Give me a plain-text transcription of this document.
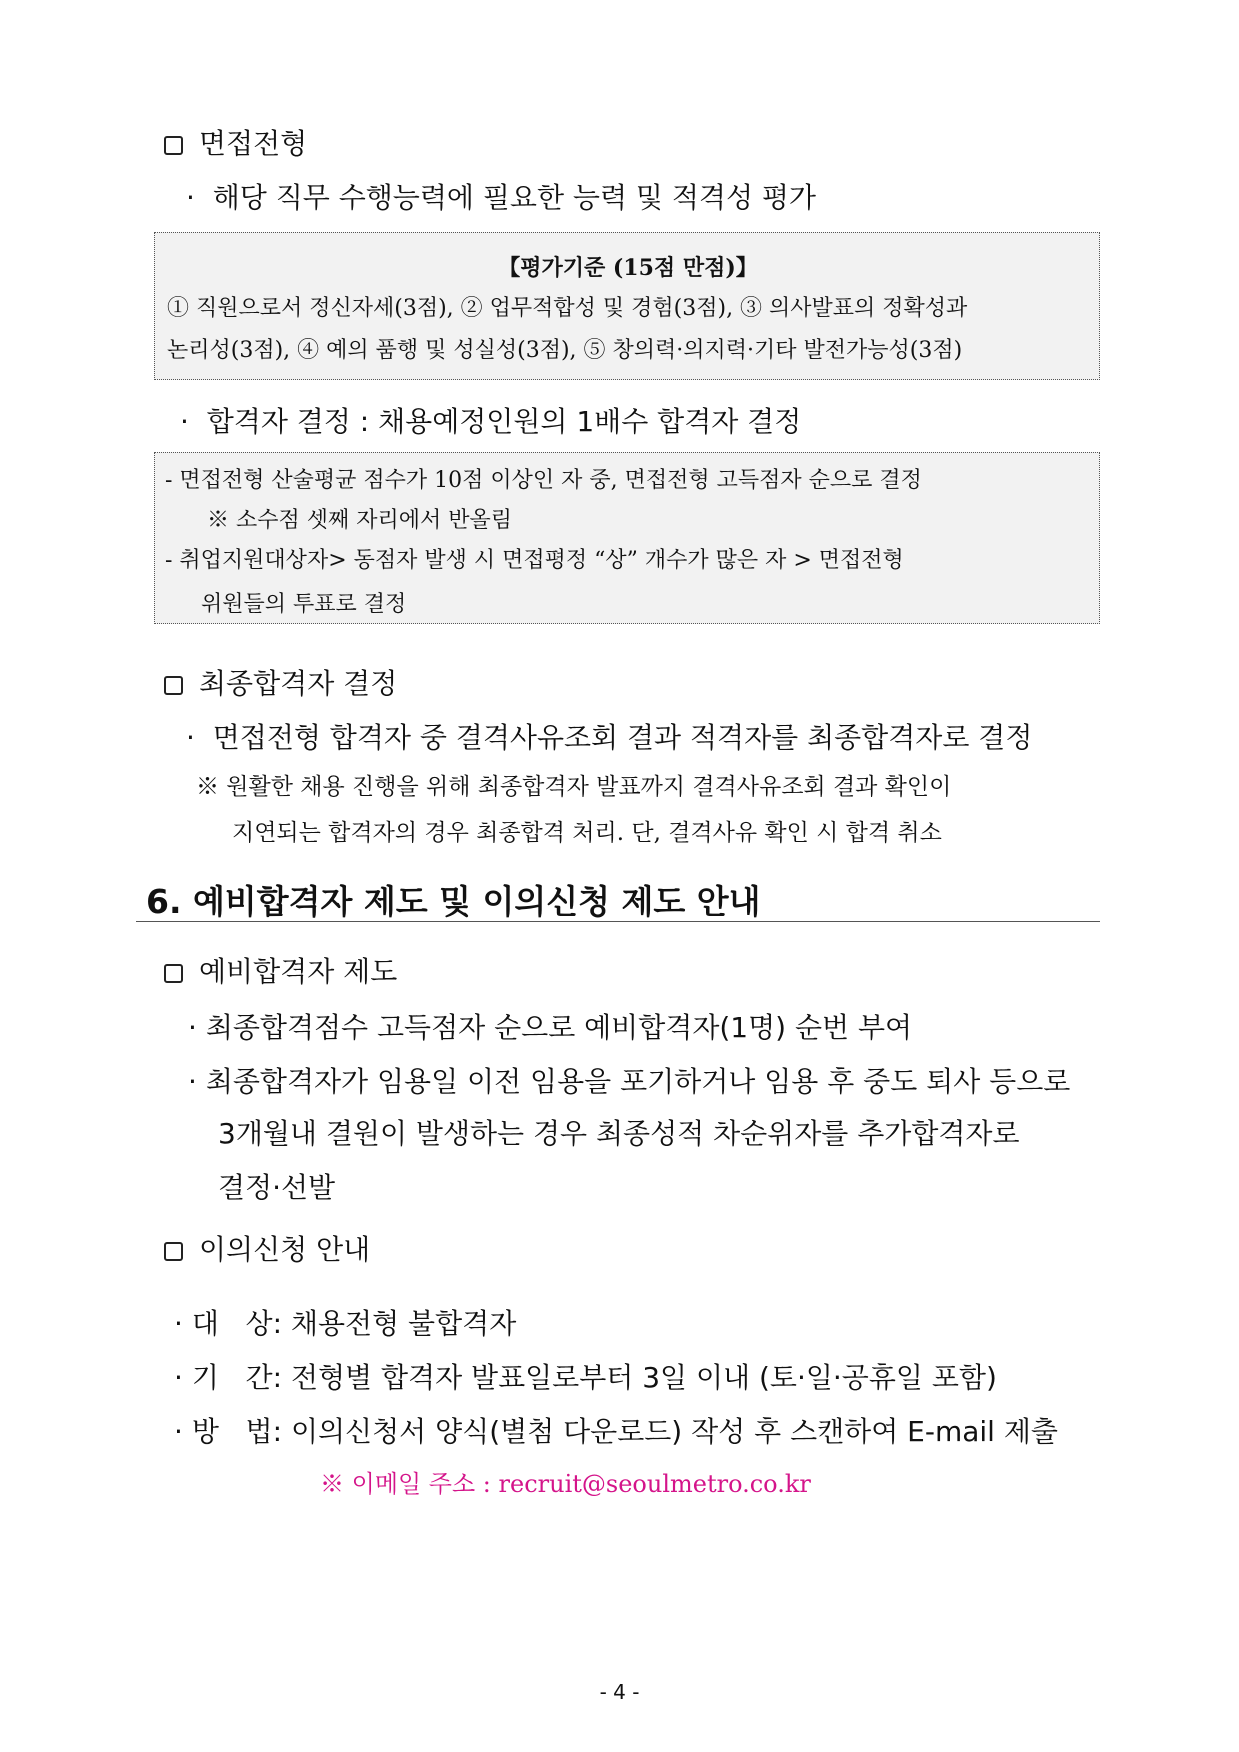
면접전형
· 해당 직무 수행능력에 필요한 능력 및 적격성 평가
【평가기준 (15점 만점)】
① 직원으로서 정신자세(3점), ② 업무적합성 및 경험(3점), ③ 의사발표의 정확성과
논리성(3점), ④ 예의 품행 및 성실성(3점), ⑤ 창의력·의지력·기타 발전가능성(3점)
· 합격자 결정 : 채용예정인원의 1배수 합격자 결정
- 면접전형 산술평균 점수가 10점 이상인 자 중, 면접전형 고득점자 순으로 결정
※ 소수점 셋째 자리에서 반올림
- 취업지원대상자> 동점자 발생 시 면접평정 “상” 개수가 많은 자 > 면접전형
위원들의 투표로 결정
최종합격자 결정
· 면접전형 합격자 중 결격사유조회 결과 적격자를 최종합격자로 결정
※ 원활한 채용 진행을 위해 최종합격자 발표까지 결격사유조회 결과 확인이
지연되는 합격자의 경우 최종합격 처리. 단, 결격사유 확인 시 합격 취소
6. 예비합격자 제도 및 이의신청 제도 안내
예비합격자 제도
· 최종합격점수 고득점자 순으로 예비합격자(1명) 순번 부여
· 최종합격자가 임용일 이전 임용을 포기하거나 임용 후 중도 퇴사 등으로
3개월내 결원이 발생하는 경우 최종성적 차순위자를 추가합격자로
결정·선발
이의신청 안내
· 대   상: 채용전형 불합격자
· 기   간: 전형별 합격자 발표일로부터 3일 이내 (토·일·공휴일 포함)
· 방   법: 이의신청서 양식(별첨 다운로드) 작성 후 스캔하여 E-mail 제출
※ 이메일 주소 : recruit@seoulmetro.co.kr
- 4 -
